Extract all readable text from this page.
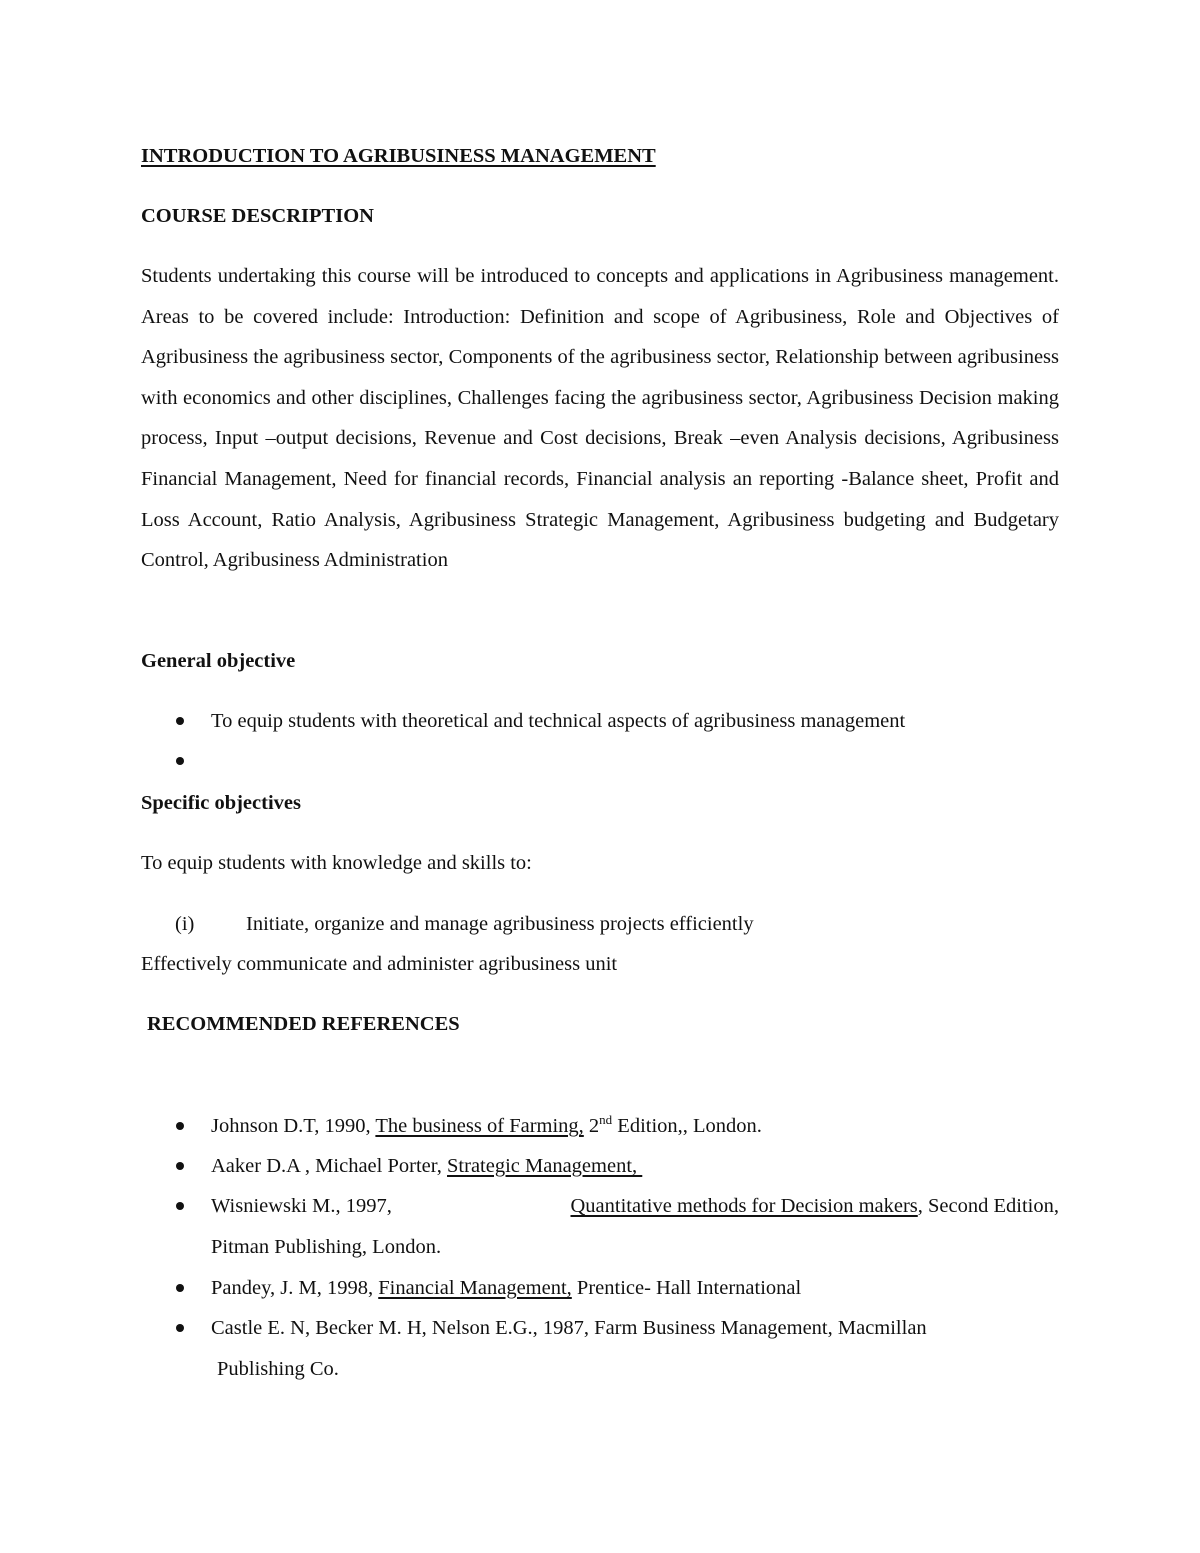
INTRODUCTION TO AGRIBUSINESS MANAGEMENT
COURSE DESCRIPTION
Students undertaking this course will be introduced to concepts and applications in Agribusiness management. Areas to be covered include: Introduction: Definition and scope of Agribusiness, Role and Objectives of Agribusiness the agribusiness sector, Components of the agribusiness sector, Relationship between agribusiness with economics and other disciplines, Challenges facing the agribusiness sector, Agribusiness Decision making process, Input –output decisions, Revenue and Cost decisions, Break –even Analysis decisions, Agribusiness Financial Management, Need for financial records, Financial analysis an reporting -Balance sheet, Profit and Loss Account, Ratio Analysis, Agribusiness Strategic Management, Agribusiness budgeting and Budgetary Control, Agribusiness Administration
General objective
To equip students with theoretical and technical aspects of agribusiness management
Specific objectives
To equip students with knowledge and skills to:
(i)	Initiate, organize and manage agribusiness projects efficiently
Effectively communicate and administer agribusiness unit
RECOMMENDED REFERENCES
Johnson D.T, 1990, The business of Farming, 2nd Edition,, London.
Aaker D.A , Michael Porter, Strategic Management,
Wisniewski M., 1997,	Quantitative methods for Decision makers, Second Edition,
Pitman Publishing, London.
Pandey, J. M, 1998, Financial Management, Prentice- Hall International
Castle E. N, Becker M. H, Nelson E.G., 1987, Farm Business Management, Macmillan
Publishing Co.
